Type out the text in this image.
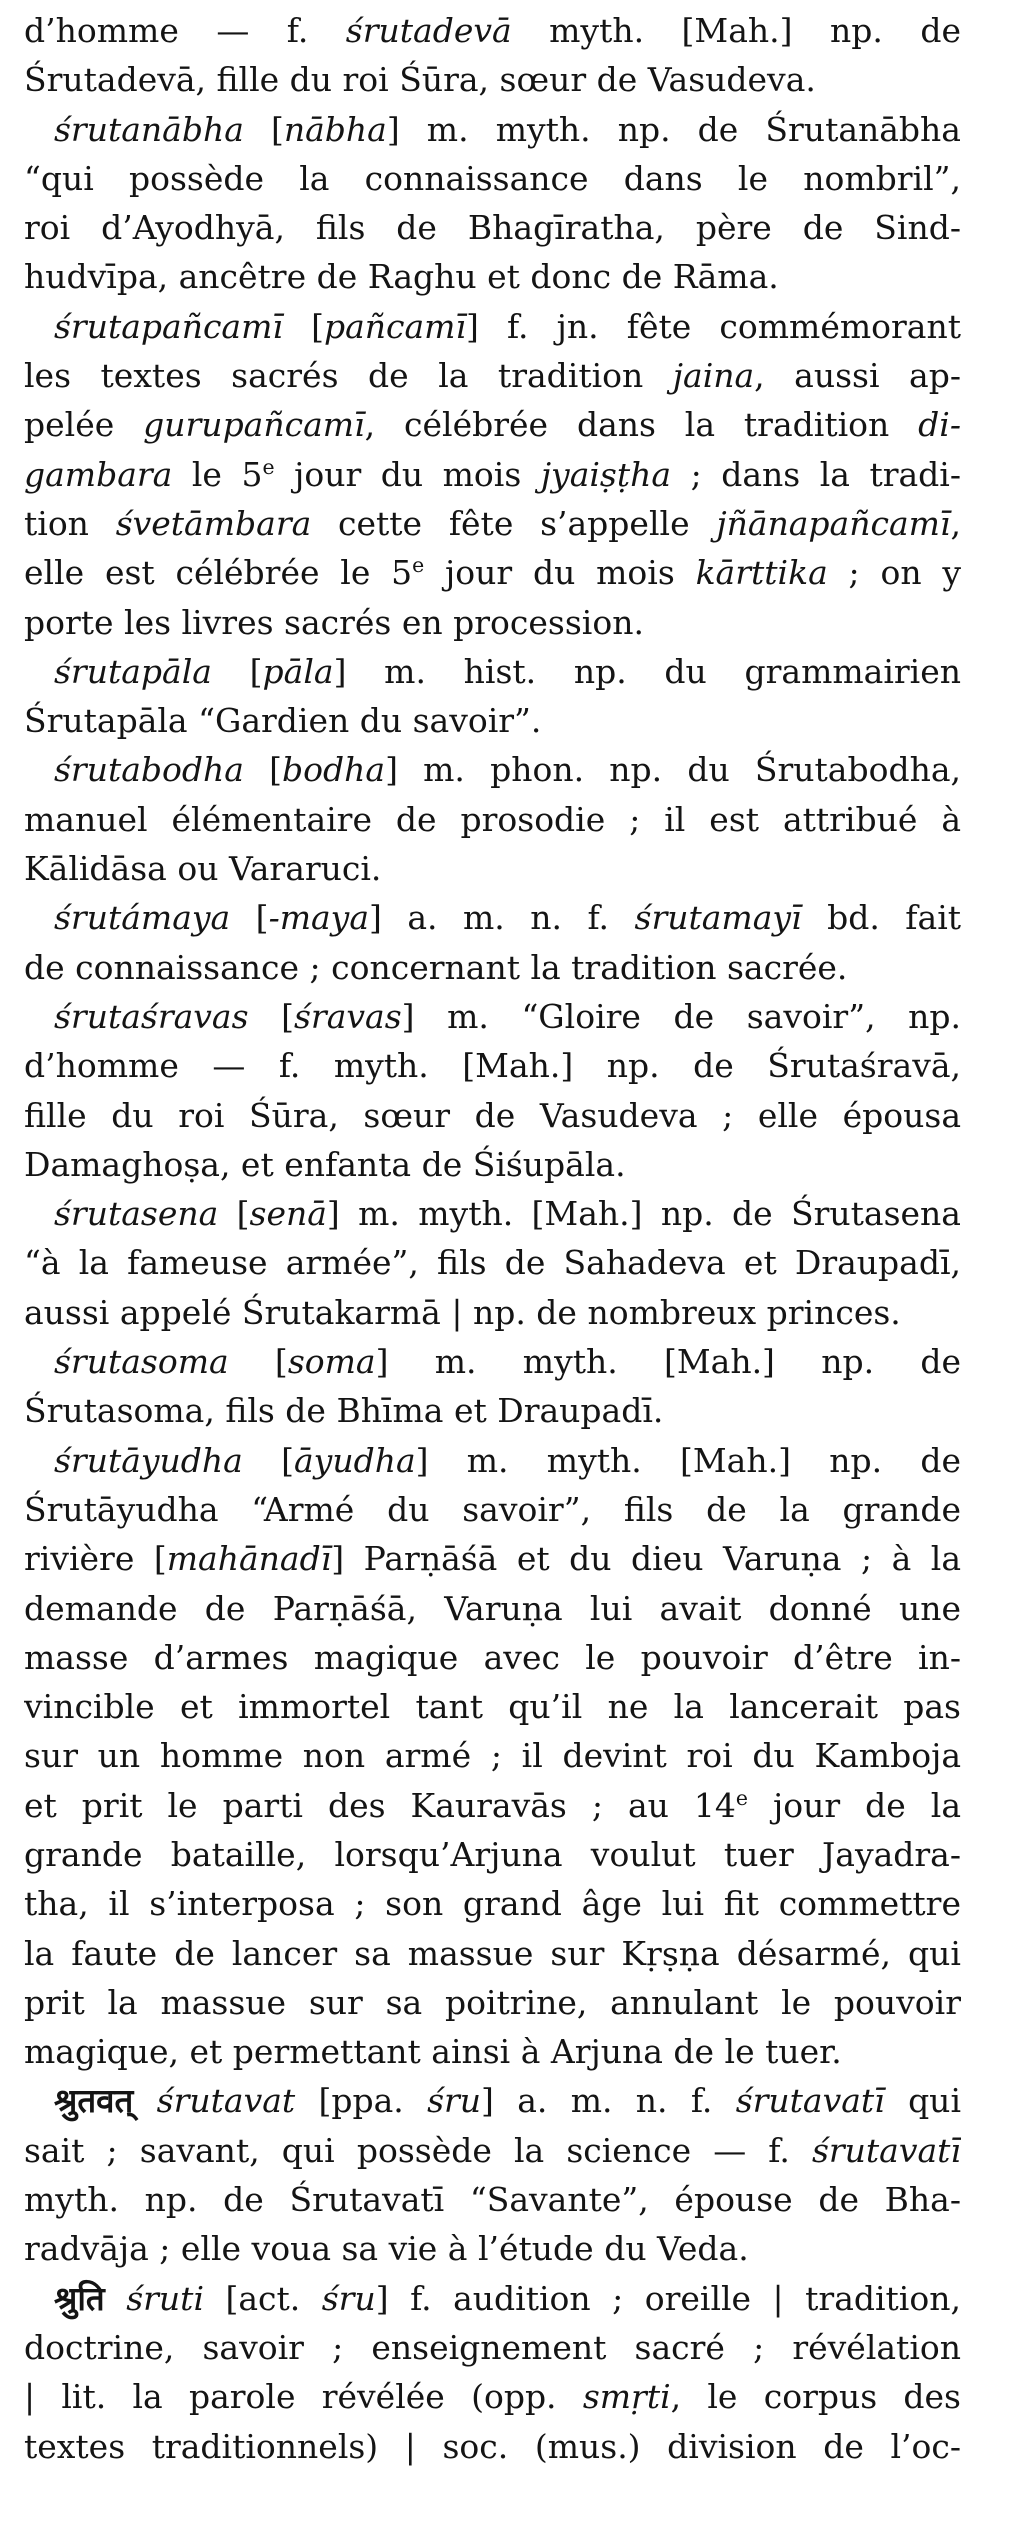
d’homme — f. śrutadevā myth. [Mah.] np. de
Śrutadevā, fille du roi Śūra, sœur de Vasudeva.
śrutanābha [nābha] m. myth. np. de Śrutanābha
“qui possède la connaissance dans le nombril”,
roi d’Ayodhyā, fils de Bhagīratha, père de Sind-
hudvīpa, ancêtre de Raghu et donc de Rāma.
śrutapañcamī [pañcamī] f. jn. fête commémorant
les textes sacrés de la tradition jaina, aussi ap-
pelée gurupañcamī, célébrée dans la tradition di-
gambara le 5e jour du mois jyaiṣṭha ; dans la tradi-
tion śvetāmbara cette fête s’appelle jñānapañcamī,
elle est célébrée le 5e jour du mois kārttika ; on y
porte les livres sacrés en procession.
śrutapāla [pāla] m. hist. np. du grammairien
Śrutapāla “Gardien du savoir”.
śrutabodha [bodha] m. phon. np. du Śrutabodha,
manuel élémentaire de prosodie ; il est attribué à
Kālidāsa ou Vararuci.
śrutámaya [-maya] a. m. n. f. śrutamayī bd. fait
de connaissance ; concernant la tradition sacrée.
śrutaśravas [śravas] m. “Gloire de savoir”, np.
d’homme — f. myth. [Mah.] np. de Śrutaśravā,
fille du roi Śūra, sœur de Vasudeva ; elle épousa
Damaghoṣa, et enfanta de Śiśupāla.
śrutasena [senā] m. myth. [Mah.] np. de Śrutasena
“à la fameuse armée”, fils de Sahadeva et Draupadī,
aussi appelé Śrutakarmā | np. de nombreux princes.
śrutasoma [soma] m. myth. [Mah.] np. de
Śrutasoma, fils de Bhīma et Draupadī.
śrutāyudha [āyudha] m. myth. [Mah.] np. de
Śrutāyudha “Armé du savoir”, fils de la grande
rivière [mahānadī] Parṇāśā et du dieu Varuṇa ; à la
demande de Parṇāśā, Varuṇa lui avait donné une
masse d’armes magique avec le pouvoir d’être in-
vincible et immortel tant qu’il ne la lancerait pas
sur un homme non armé ; il devint roi du Kamboja
et prit le parti des Kauravās ; au 14e jour de la
grande bataille, lorsqu’Arjuna voulut tuer Jayadra-
tha, il s’interposa ; son grand âge lui fit commettre
la faute de lancer sa massue sur Kṛṣṇa désarmé, qui
prit la massue sur sa poitrine, annulant le pouvoir
magique, et permettant ainsi à Arjuna de le tuer.
श्रुतवत् śrutavat [ppa. śru] a. m. n. f. śrutavatī qui
sait ; savant, qui possède la science — f. śrutavatī
myth. np. de Śrutavatī “Savante”, épouse de Bha-
radvāja ; elle voua sa vie à l’étude du Veda.
श्रुति śruti [act. śru] f. audition ; oreille | tradition,
doctrine, savoir ; enseignement sacré ; révélation
| lit. la parole révélée (opp. smṛti, le corpus des
textes traditionnels) | soc. (mus.) division de l’oc-
